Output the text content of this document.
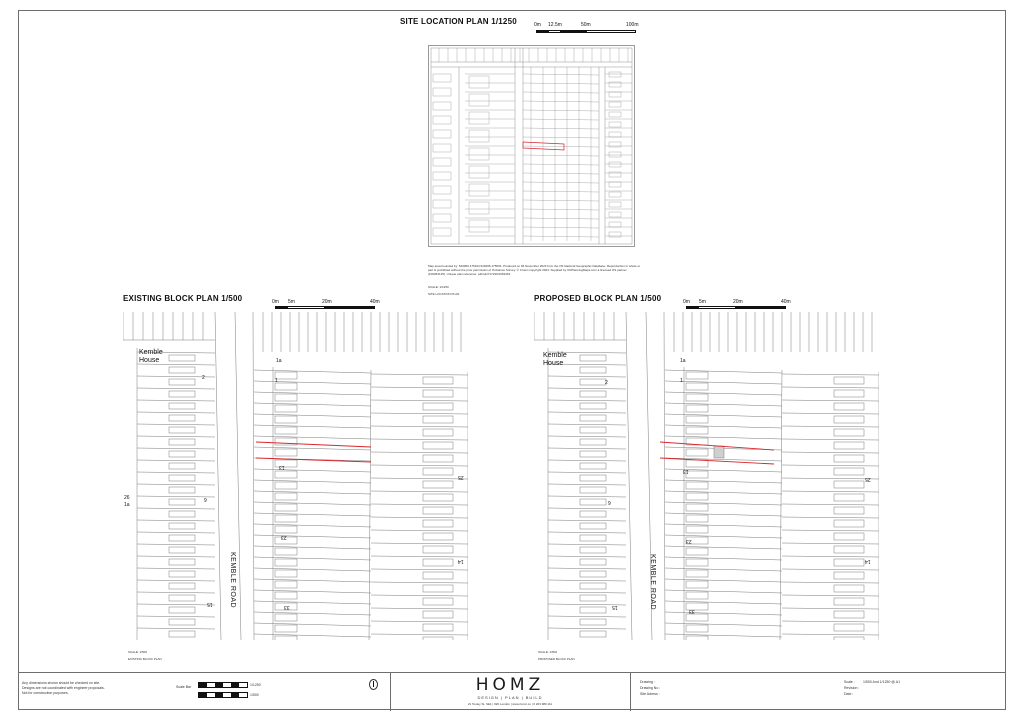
SITE LOCATION PLAN 1/1250	0m 12.5m	50m	100m
Map area bounded by: 529066,175104 529466,175504. Produced on 06 November 2023 from the OS National Geographic Database. Reproduction in whole or part is prohibited without the prior permission of Ordnance Survey. © Crown copyright 2023. Supplied by UKPlanningMaps.com a licensed OS partner (100054135). Unique plan reference: p4b/uk/717230/1063463
SCALE: 1/1250
SITE LOCATION PLAN
EXISTING BLOCK PLAN 1/500	0m 5m	20m	40m
Kemble House
KEMBLE ROAD
2	1
1a
13
23
33
6
15
25
14
26
1a
SCALE: 1/500
EXISTING BLOCK PLAN
PROPOSED BLOCK PLAN 1/500	0m 5m	20m	40m
Kemble House
KEMBLE ROAD
2	1
1a
13
23
33
6
15
25
14
SCALE: 1/500
PROPOSED BLOCK PLAN
Any dimensions shown should be checked on site.
Designs are not coordinated with engineer proposals.
Not for construction purposes.
Scale Bar	1/1250
1/500	HOMZ
DESIGN | PLAN | BUILD
21 Tooley St, SE1 | 020 London | www.homz.co | 0 203 980 111
Drawing :
Drawing No :
Site Adress :
Scale : 1/500 And 1/1250 @ A1
Revision :
Date :
